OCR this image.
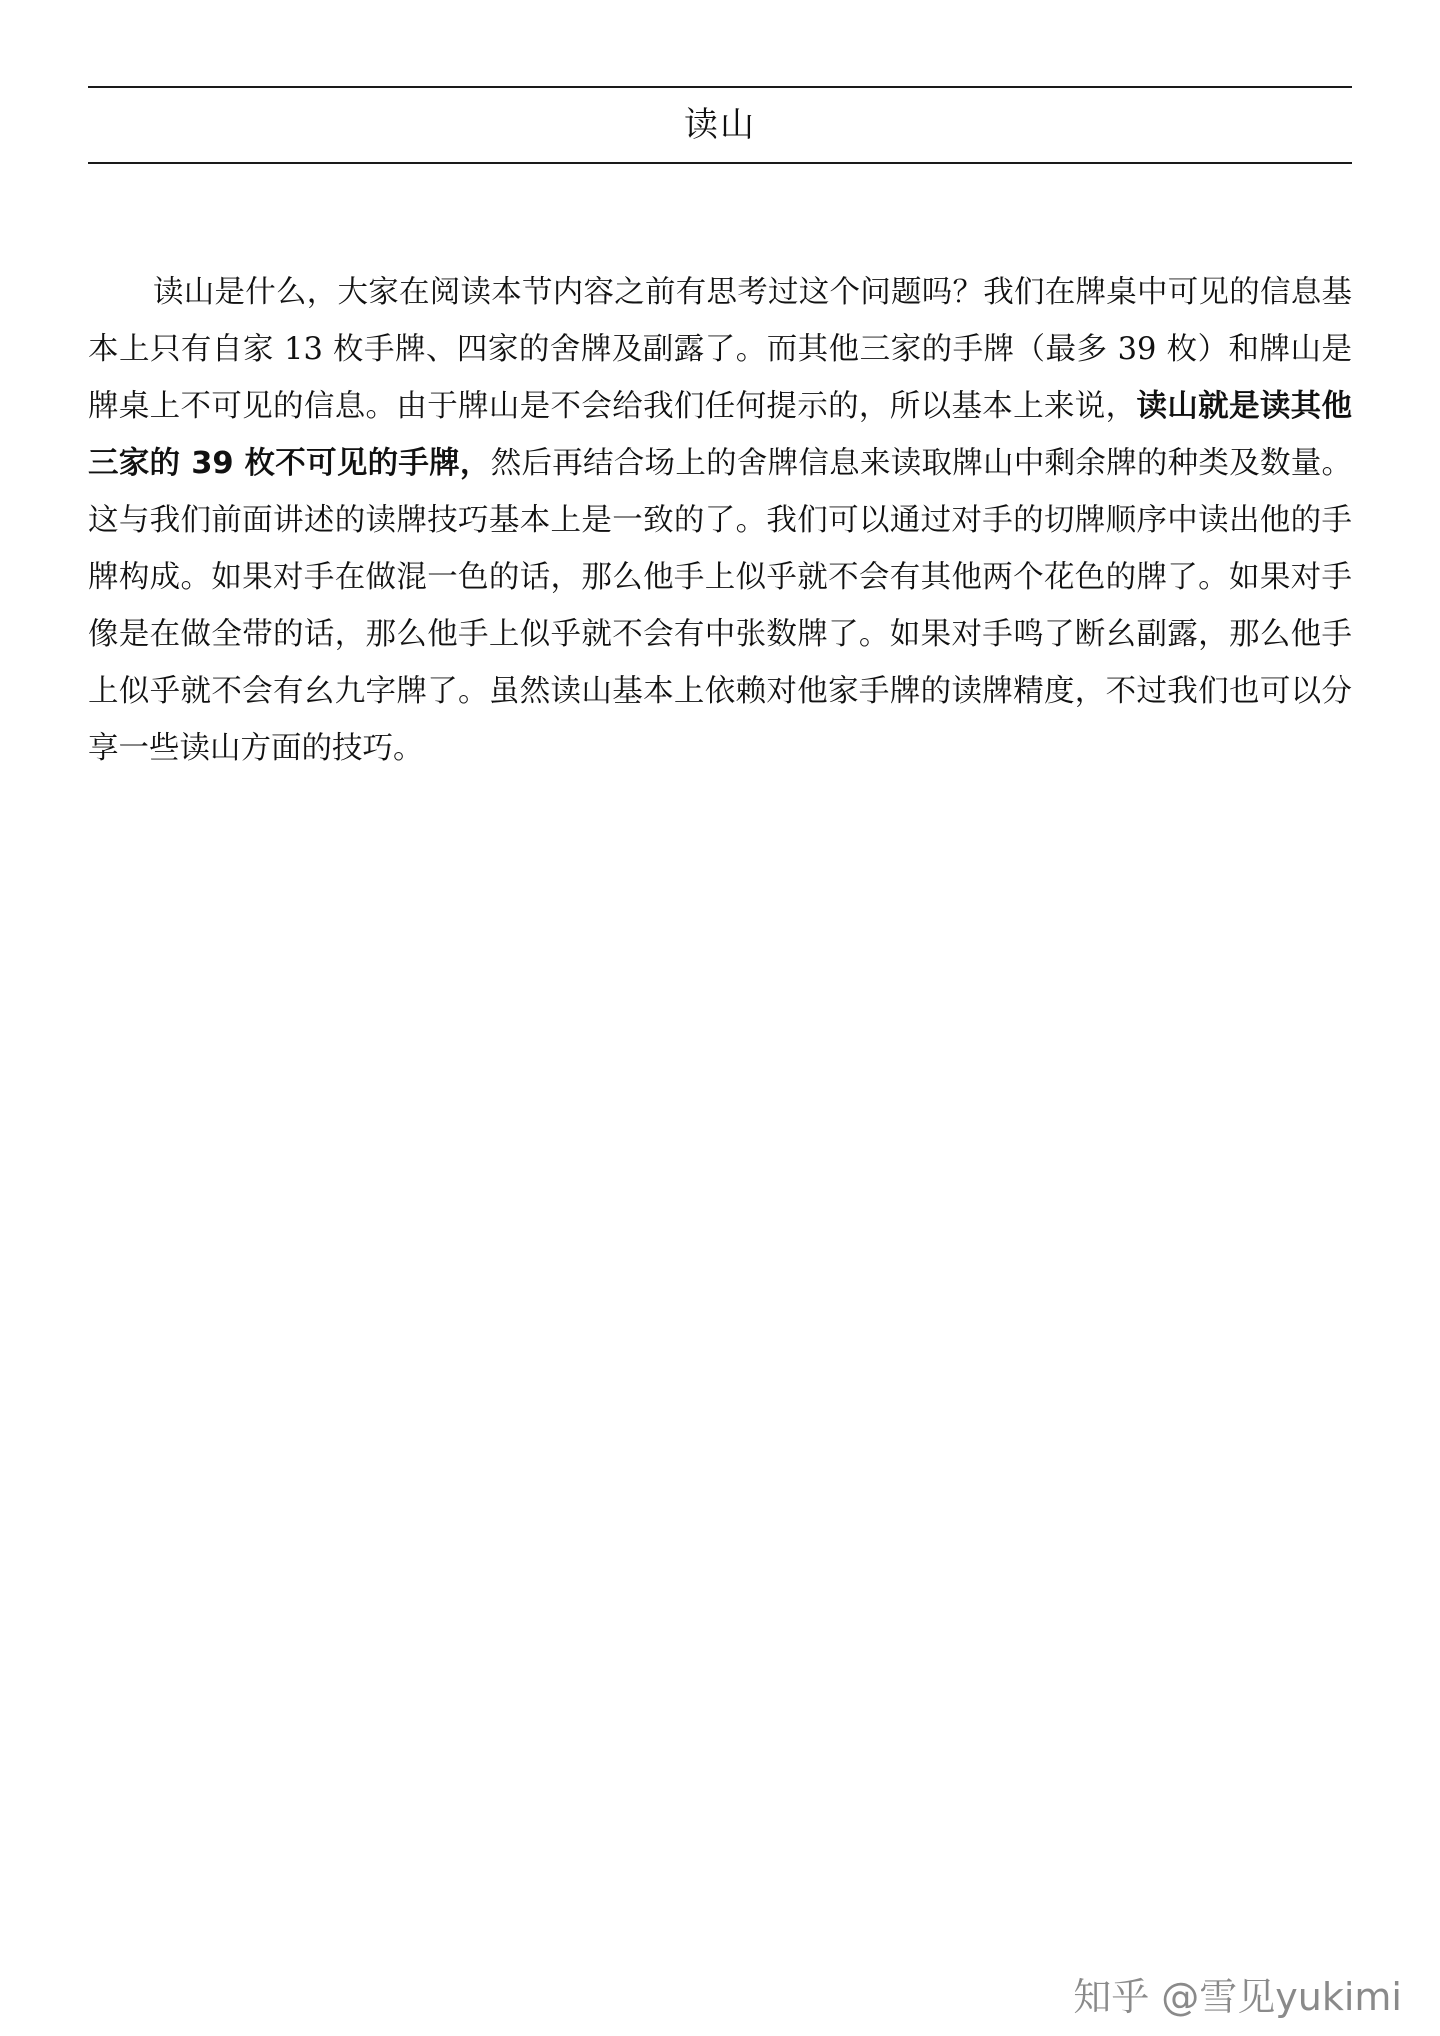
读山

读山是什么，大家在阅读本节内容之前有思考过这个问题吗？我们在牌桌中可见的信息基本上只有自家 13 枚手牌、四家的舍牌及副露了。而其他三家的手牌（最多 39 枚）和牌山是牌桌上不可见的信息。由于牌山是不会给我们任何提示的，所以基本上来说，读山就是读其他三家的 39 枚不可见的手牌，然后再结合场上的舍牌信息来读取牌山中剩余牌的种类及数量。这与我们前面讲述的读牌技巧基本上是一致的了。我们可以通过对手的切牌顺序中读出他的手牌构成。如果对手在做混一色的话，那么他手上似乎就不会有其他两个花色的牌了。如果对手像是在做全带的话，那么他手上似乎就不会有中张数牌了。如果对手鸣了断幺副露，那么他手上似乎就不会有幺九字牌了。虽然读山基本上依赖对他家手牌的读牌精度，不过我们也可以分享一些读山方面的技巧。

知乎 @雪见yukimi
